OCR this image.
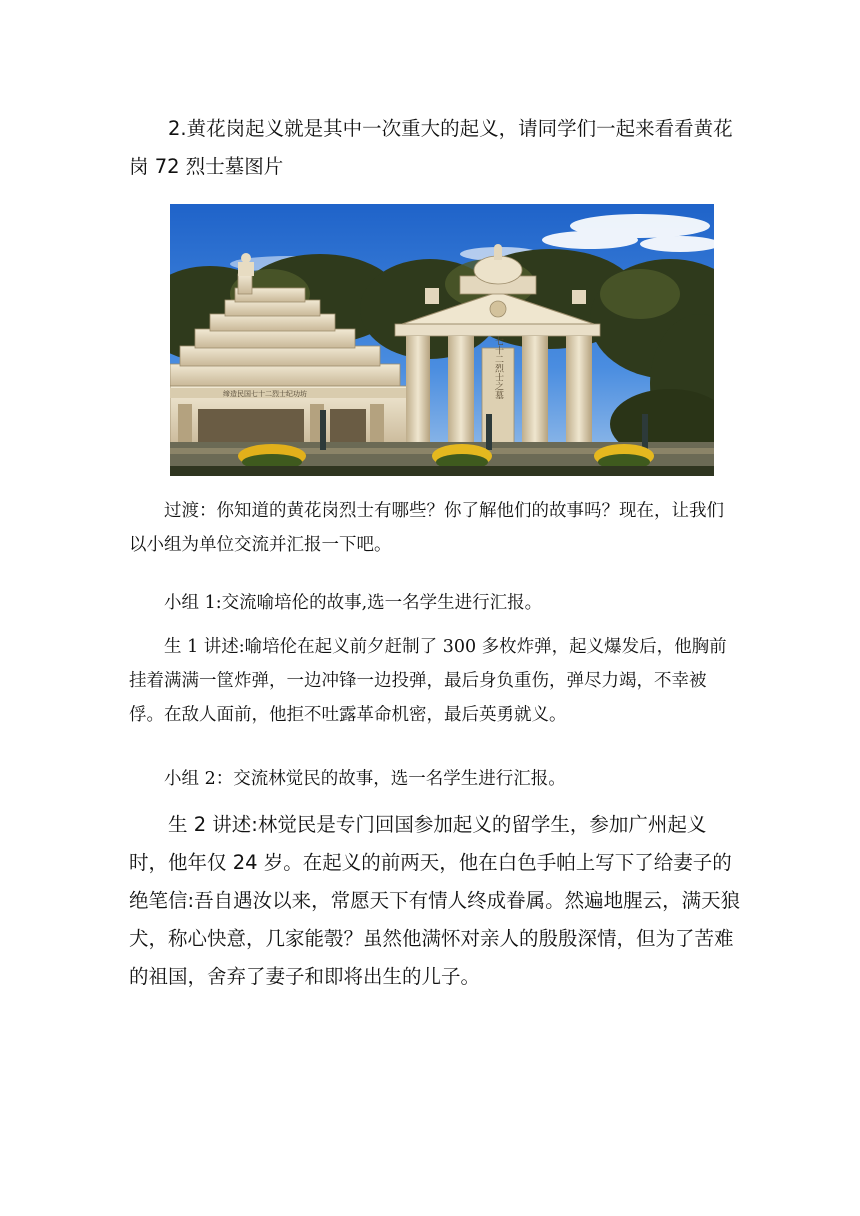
2.黄花岗起义就是其中一次重大的起义，请同学们一起来看看黄花岗 72 烈士墓图片

缔造民国七十二烈士纪功坊	七十二烈士之墓

过渡：你知道的黄花岗烈士有哪些？你了解他们的故事吗？现在，让我们以小组为单位交流并汇报一下吧。

小组 1:交流喻培伦的故事,选一名学生进行汇报。

生 1 讲述:喻培伦在起义前夕赶制了 300 多枚炸弹，起义爆发后，他胸前挂着满满一筐炸弹，一边冲锋一边投弹，最后身负重伤，弹尽力竭，不幸被俘。在敌人面前，他拒不吐露革命机密，最后英勇就义。

小组 2：交流林觉民的故事，选一名学生进行汇报。

生 2 讲述:林觉民是专门回国参加起义的留学生，参加广州起义时，他年仅 24 岁。在起义的前两天，他在白色手帕上写下了给妻子的绝笔信:吾自遇汝以来，常愿天下有情人终成眷属。然遍地腥云，满天狼犬，称心快意，几家能彀？虽然他满怀对亲人的殷殷深情，但为了苦难的祖国，舍弃了妻子和即将出生的儿子。
